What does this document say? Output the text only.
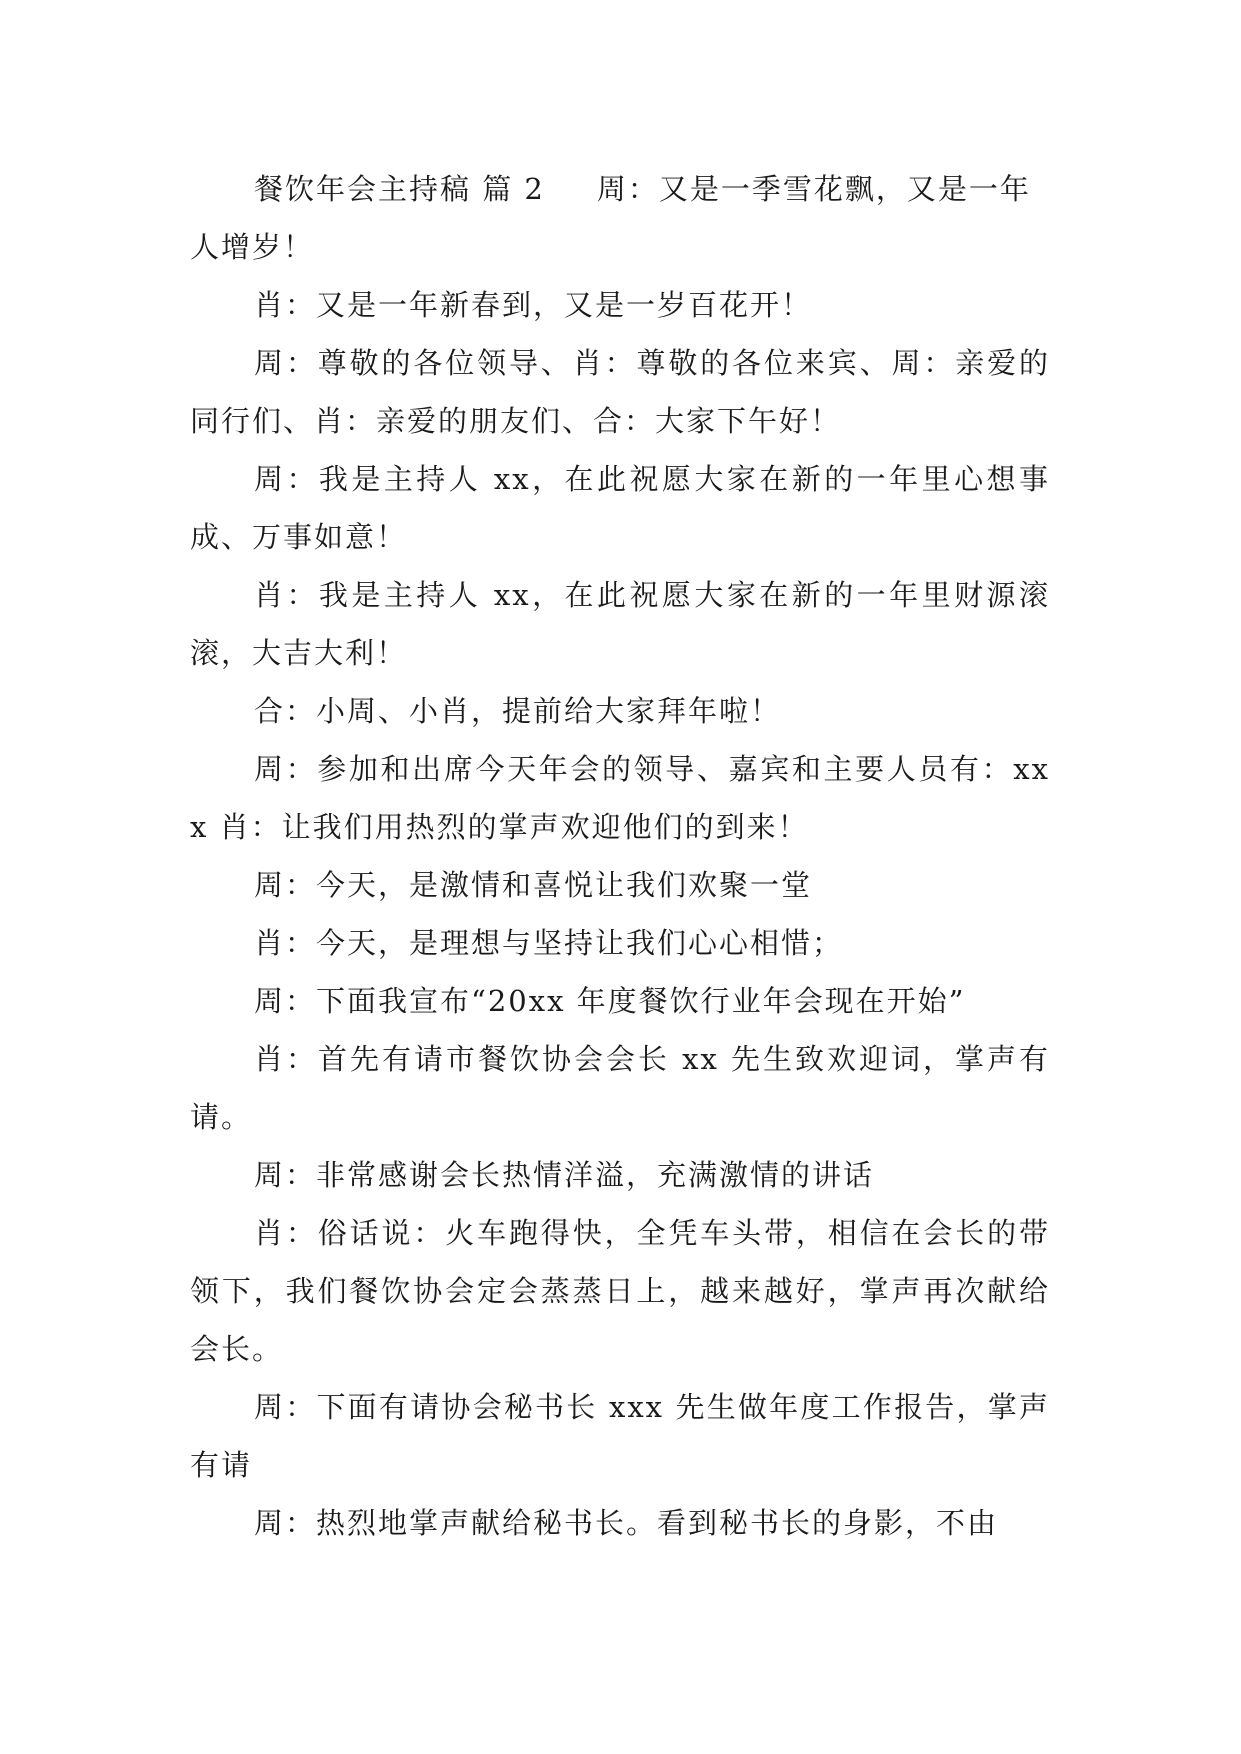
餐饮年会主持稿 篇 2 周：又是一季雪花飘，又是一年人增岁！

肖：又是一年新春到，又是一岁百花开！

周：尊敬的各位领导、肖：尊敬的各位来宾、周：亲爱的同行们、肖：亲爱的朋友们、合：大家下午好！

周：我是主持人 xx，在此祝愿大家在新的一年里心想事成、万事如意！

肖：我是主持人 xx，在此祝愿大家在新的一年里财源滚滚，大吉大利！

合：小周、小肖，提前给大家拜年啦！

周：参加和出席今天年会的领导、嘉宾和主要人员有：xxx 肖：让我们用热烈的掌声欢迎他们的到来！

周：今天，是激情和喜悦让我们欢聚一堂

肖：今天，是理想与坚持让我们心心相惜；

周：下面我宣布“20xx 年度餐饮行业年会现在开始”

肖：首先有请市餐饮协会会长 xx 先生致欢迎词，掌声有请。

周：非常感谢会长热情洋溢，充满激情的讲话

肖：俗话说：火车跑得快，全凭车头带，相信在会长的带领下，我们餐饮协会定会蒸蒸日上，越来越好，掌声再次献给会长。

周：下面有请协会秘书长 xxx 先生做年度工作报告，掌声有请

周：热烈地掌声献给秘书长。看到秘书长的身影，不由
